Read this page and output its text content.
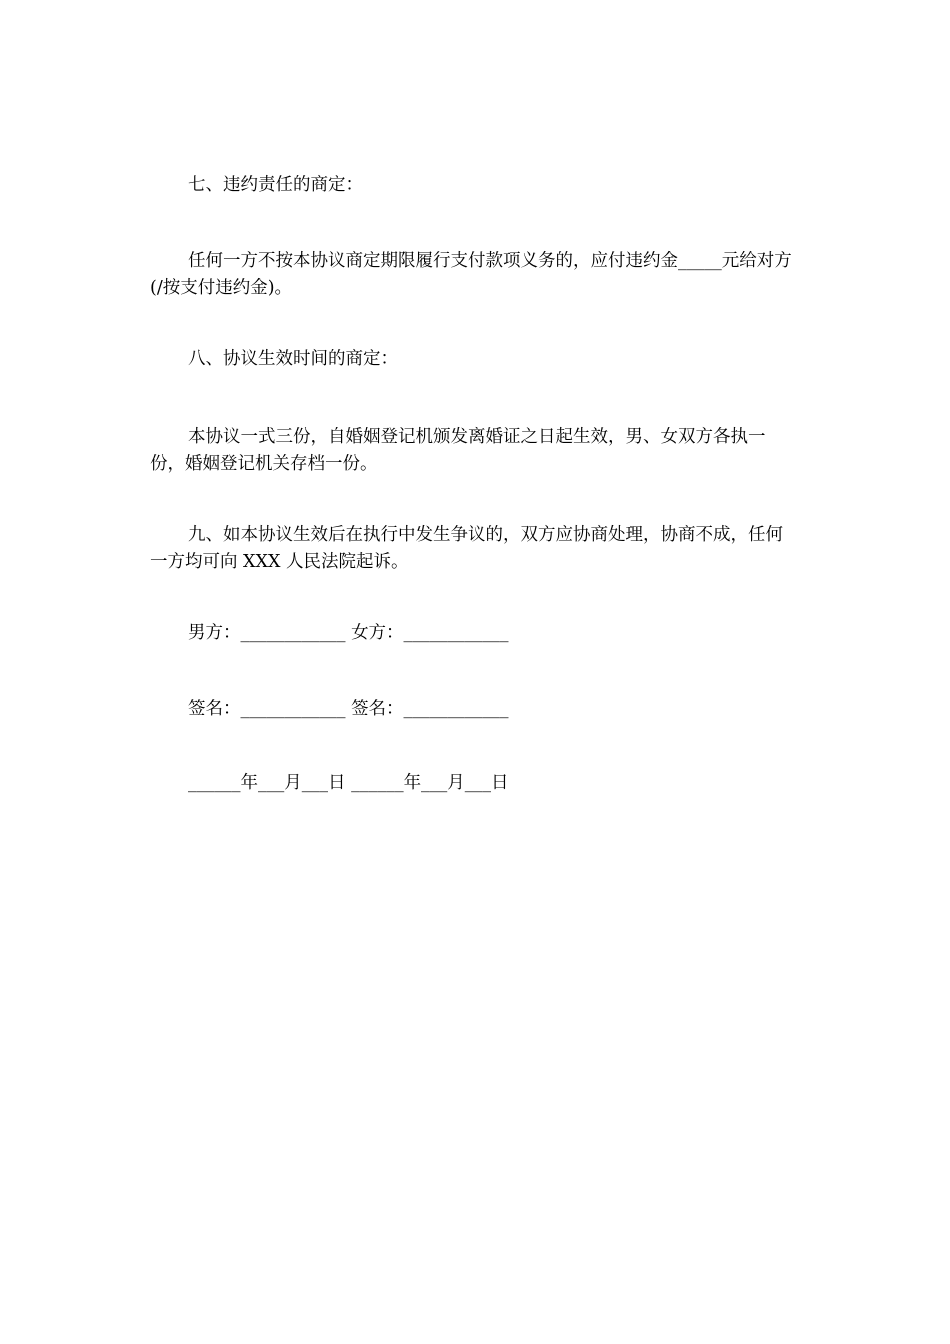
七、违约责任的商定：

任何一方不按本协议商定期限履行支付款项义务的，应付违约金_____元给对方(/按支付违约金)。

八、协议生效时间的商定：

本协议一式三份，自婚姻登记机颁发离婚证之日起生效，男、女双方各执一份，婚姻登记机关存档一份。

九、如本协议生效后在执行中发生争议的，双方应协商处理，协商不成，任何一方均可向 XXX 人民法院起诉。

男方：____________ 女方：____________

签名：____________ 签名：____________

______年___月___日 ______年___月___日
